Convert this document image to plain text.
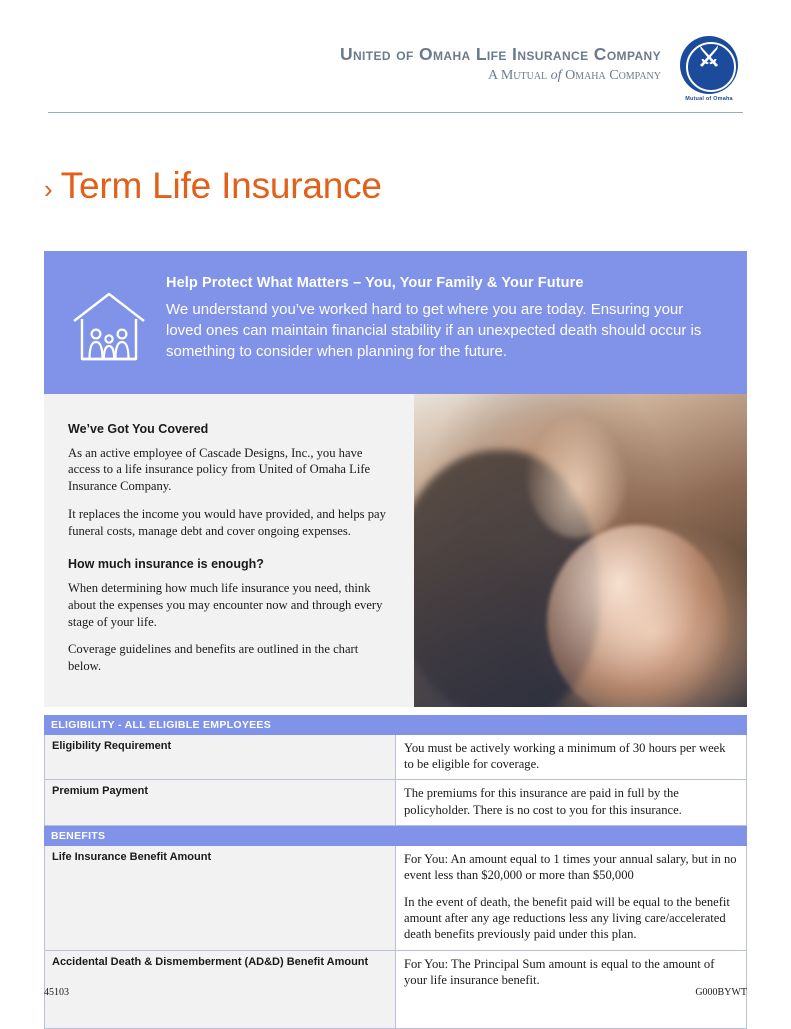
United of Omaha Life Insurance Company
A Mutual of Omaha Company
⚔
Mutual of Omaha
› Term Life Insurance
Help Protect What Matters – You, Your Family & Your Future

We understand you’ve worked hard to get where you are today. Ensuring your loved ones can maintain financial stability if an unexpected death should occur is something to consider when planning for the future.

We’ve Got You Covered

As an active employee of Cascade Designs, Inc., you have access to a life insurance policy from United of Omaha Life Insurance Company.

It replaces the income you would have provided, and helps pay funeral costs, manage debt and cover ongoing expenses.

How much insurance is enough?

When determining how much life insurance you need, think about the expenses you may encounter now and through every stage of your life.

Coverage guidelines and benefits are outlined in the chart below.

ELIGIBILITY - ALL ELIGIBLE EMPLOYEES	
Eligibility Requirement	You must be actively working a minimum of 30 hours per week to be eligible for coverage.
Premium Payment	The premiums for this insurance are paid in full by the policyholder. There is no cost to you for this insurance.
BENEFITS	
Life Insurance Benefit Amount	For You: An amount equal to 1 times your annual salary, but in no event less than $20,000 or more than $50,000

In the event of death, the benefit paid will be equal to the benefit amount after any age reductions less any living care/accelerated death benefits previously paid under this plan.

Accidental Death & Dismemberment (AD&D) Benefit Amount	For You: The Principal Sum amount is equal to the amount of your life insurance benefit.

45103	G000BYWT
